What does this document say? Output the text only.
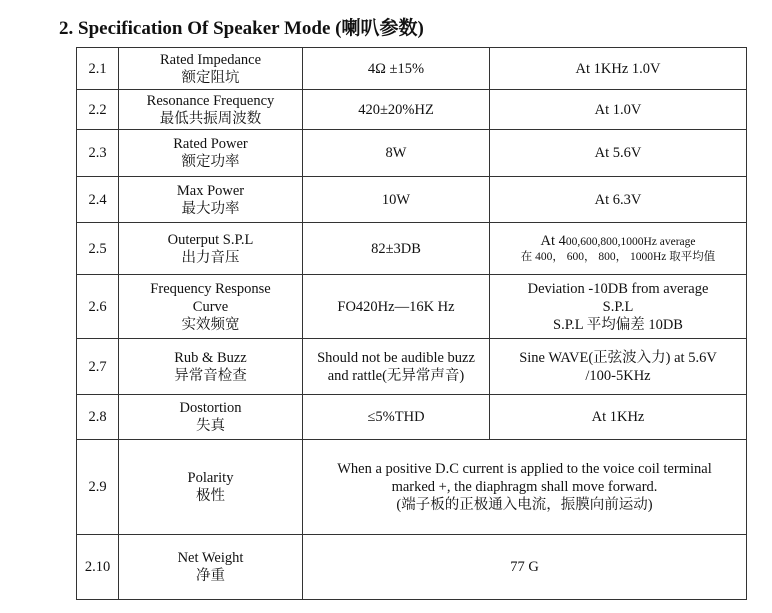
2. Specification Of Speaker Mode (喇叭参数)
2.1	Rated Impedance
额定阻坑	4Ω ±15%	At 1KHz 1.0V

2.2	Resonance Frequency
最低共振周波数	420±20%HZ	At 1.0V

2.3	Rated Power
额定功率	8W	At 5.6V

2.4	Max Power
最大功率	10W	At 6.3V

2.5	Outerput S.P.L
出力音压	82±3DB	At 400,600,800,1000Hz average
在 400， 600， 800， 1000Hz 取平均值

2.6	Frequency Response
Curve
实效频宽	FO420Hz—16K Hz	Deviation -10DB from average
S.P.L
S.P.L 平均偏差 10DB

2.7	Rub & Buzz
异常音检查	Should not be audible buzz
and rattle(无异常声音)	Sine WAVE(正弦波入力) at 5.6V
/100-5KHz

2.8	Dostortion
失真	≤5%THD	At 1KHz

2.9	Polarity
极性	When a positive D.C current is applied to the voice coil terminal
marked +, the diaphragm shall move forward.
(端子板的正极通入电流，振膜向前运动)	

2.10	Net Weight
净重	77 G	
